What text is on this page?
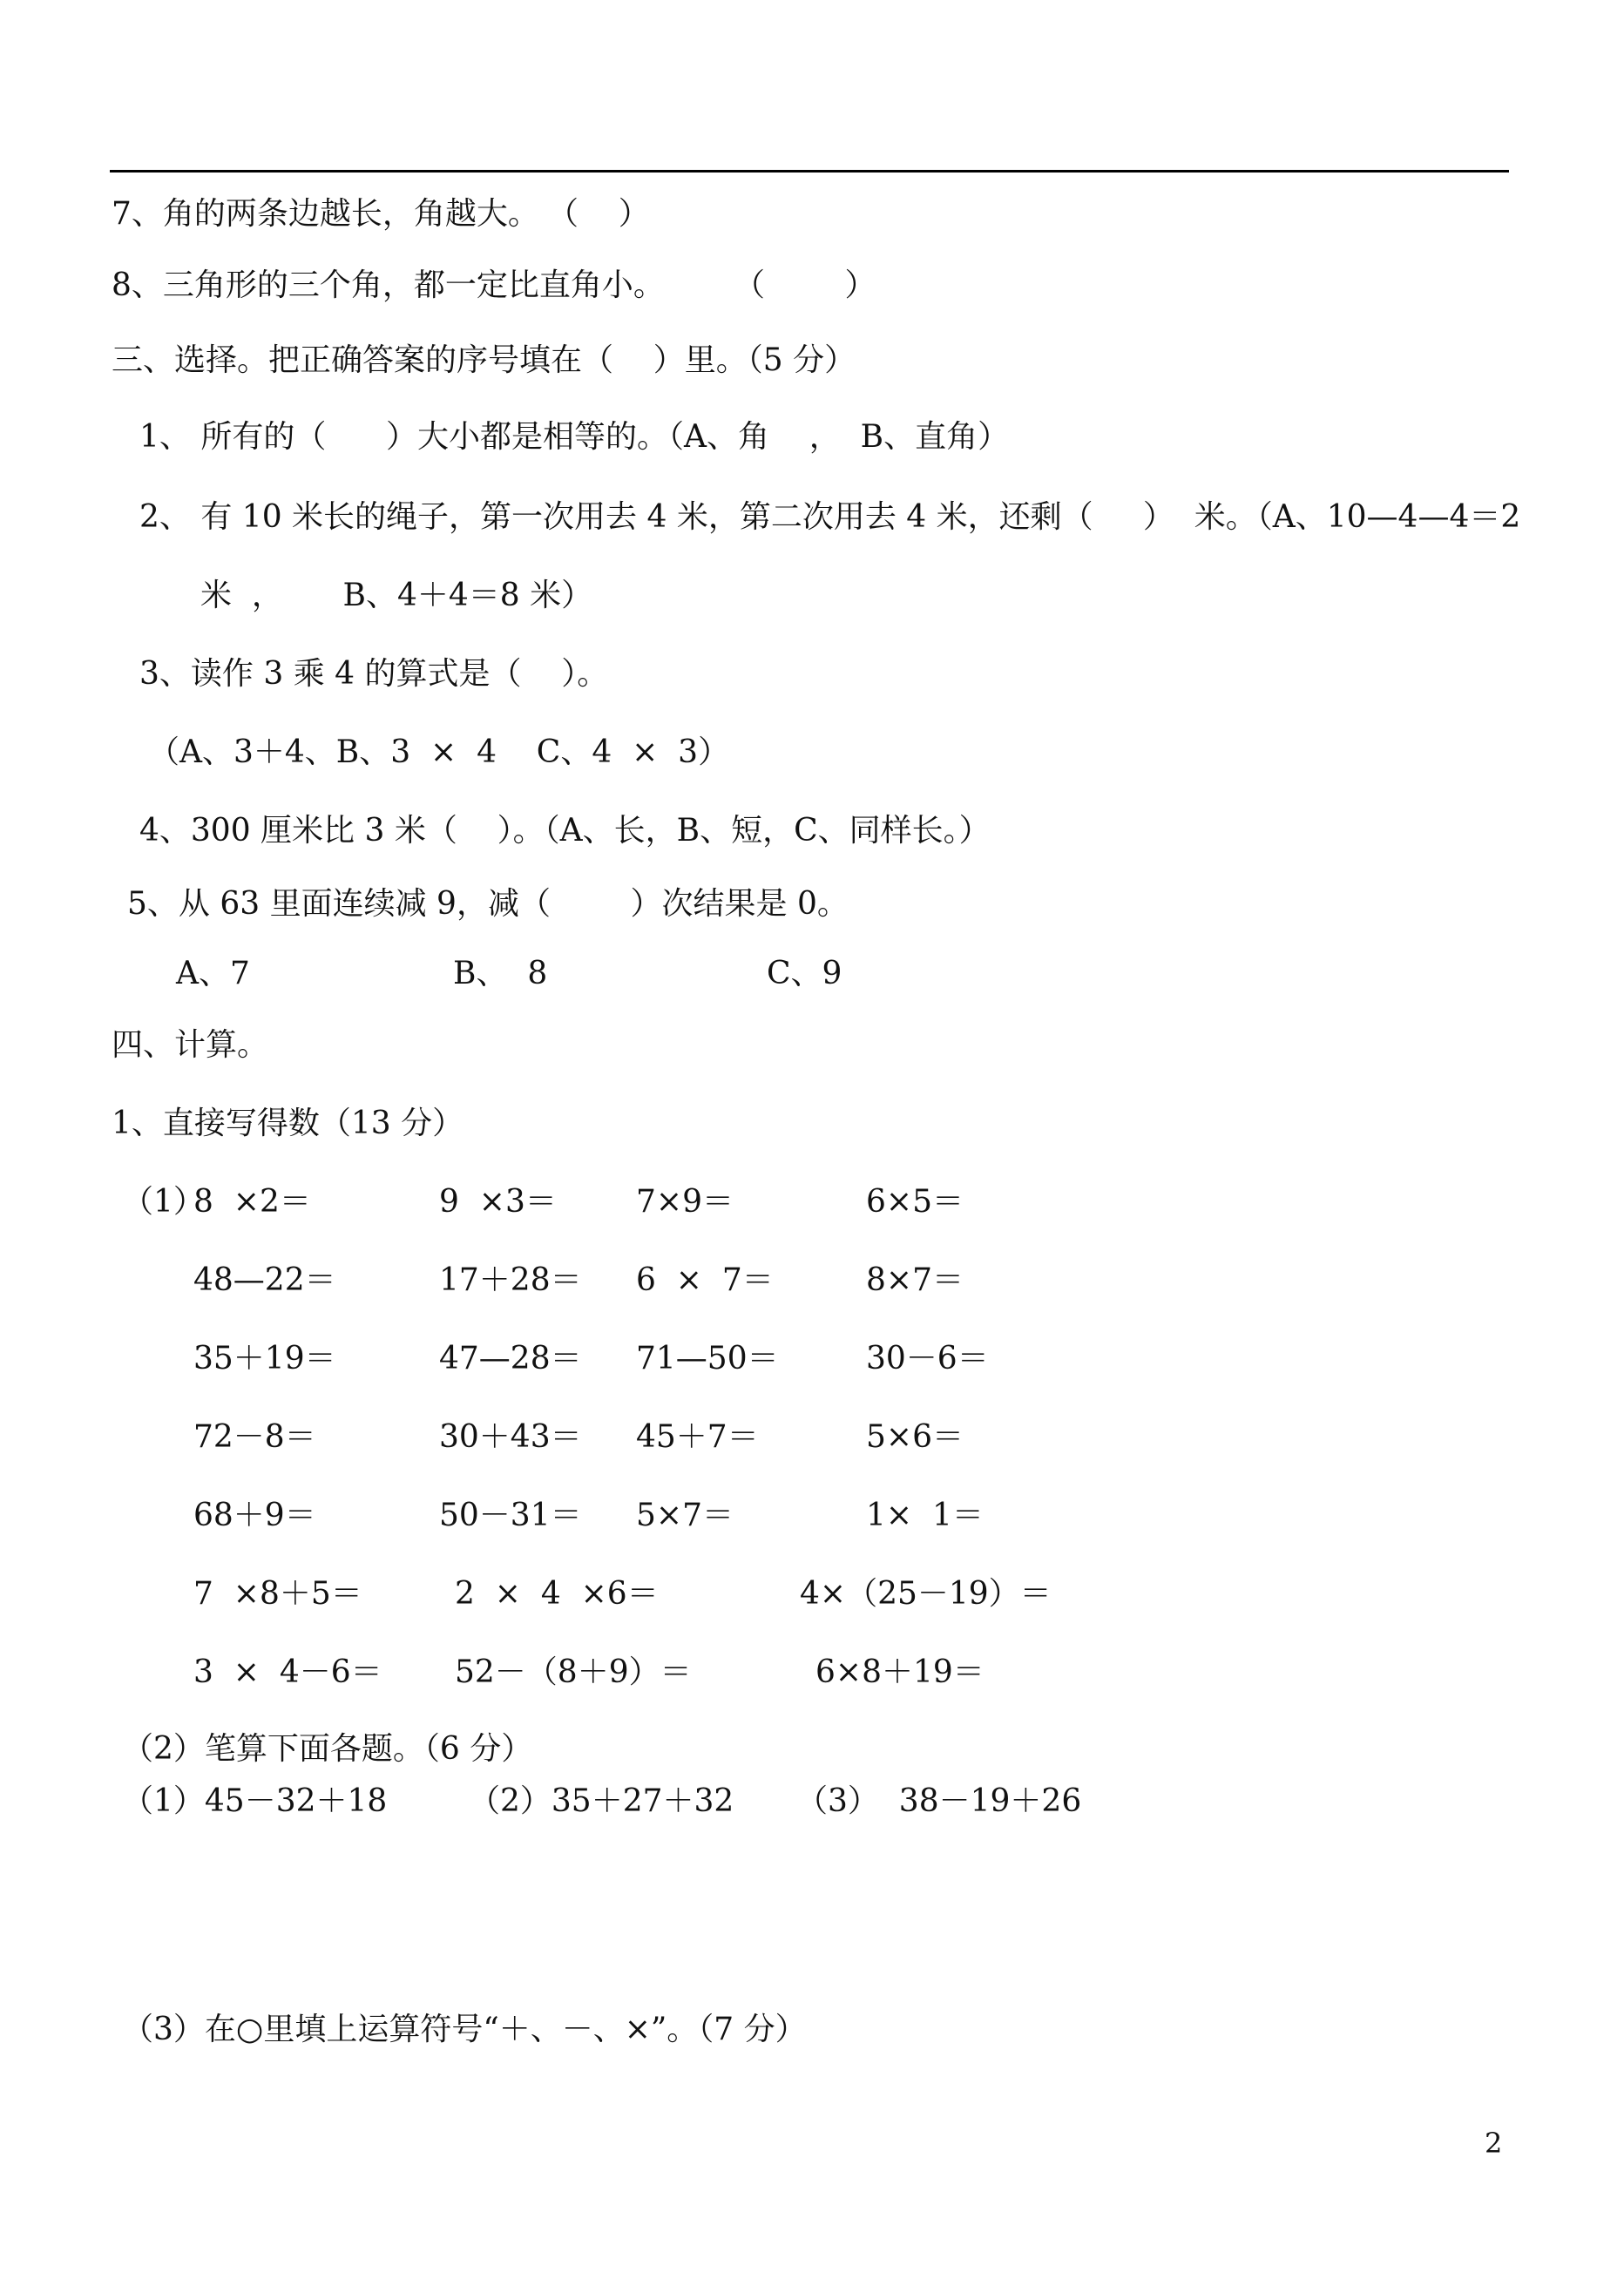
7、角的两条边越长，角越大。 （    ）
8、三角形的三个角，都一定比直角小。 （        ）
三、选择。把正确答案的序号填在（    ）里。（5 分）
1、 所有的（      ）大小都是相等的。（A、角    ，  B、直角）
2、 有 10 米长的绳子，第一次用去 4 米，第二次用去 4 米，还剩（     ）  米。（A、10—4—4＝2
米  ，      B、4＋4＝8 米）
3、读作 3 乘 4 的算式是（    ）。
（A、3＋4、B、3  ×  4    C、4  ×  3）
4、300 厘米比 3 米（    ）。（A、长，B、短，C、同样长。）
5、从 63 里面连续减 9，减（        ）次结果是 0。
A、7	B、  8	C、9
四、计算。
1、直接写得数（13 分）
（1）
8  ×2＝	9  ×3＝	7×9＝	6×5＝
48—22＝	17＋28＝ 6  ×  7＝	8×7＝
35＋19＝	47—28＝ 71—50＝	30－6＝
72－8＝	30＋43＝ 45＋7＝	5×6＝
68＋9＝	50－31＝ 5×7＝	1×  1＝
7  ×8＋5＝	2  ×  4  ×6＝	4×（25－19）＝
3  ×  4－6＝ 52－（8＋9）＝	6×8＋19＝
（2）笔算下面各题。（6 分）
（1）45－32＋18	（2）35＋27＋32 （3）  38－19＋26
（3）在○里填上运算符号“＋、－、×”。（7 分）
2
